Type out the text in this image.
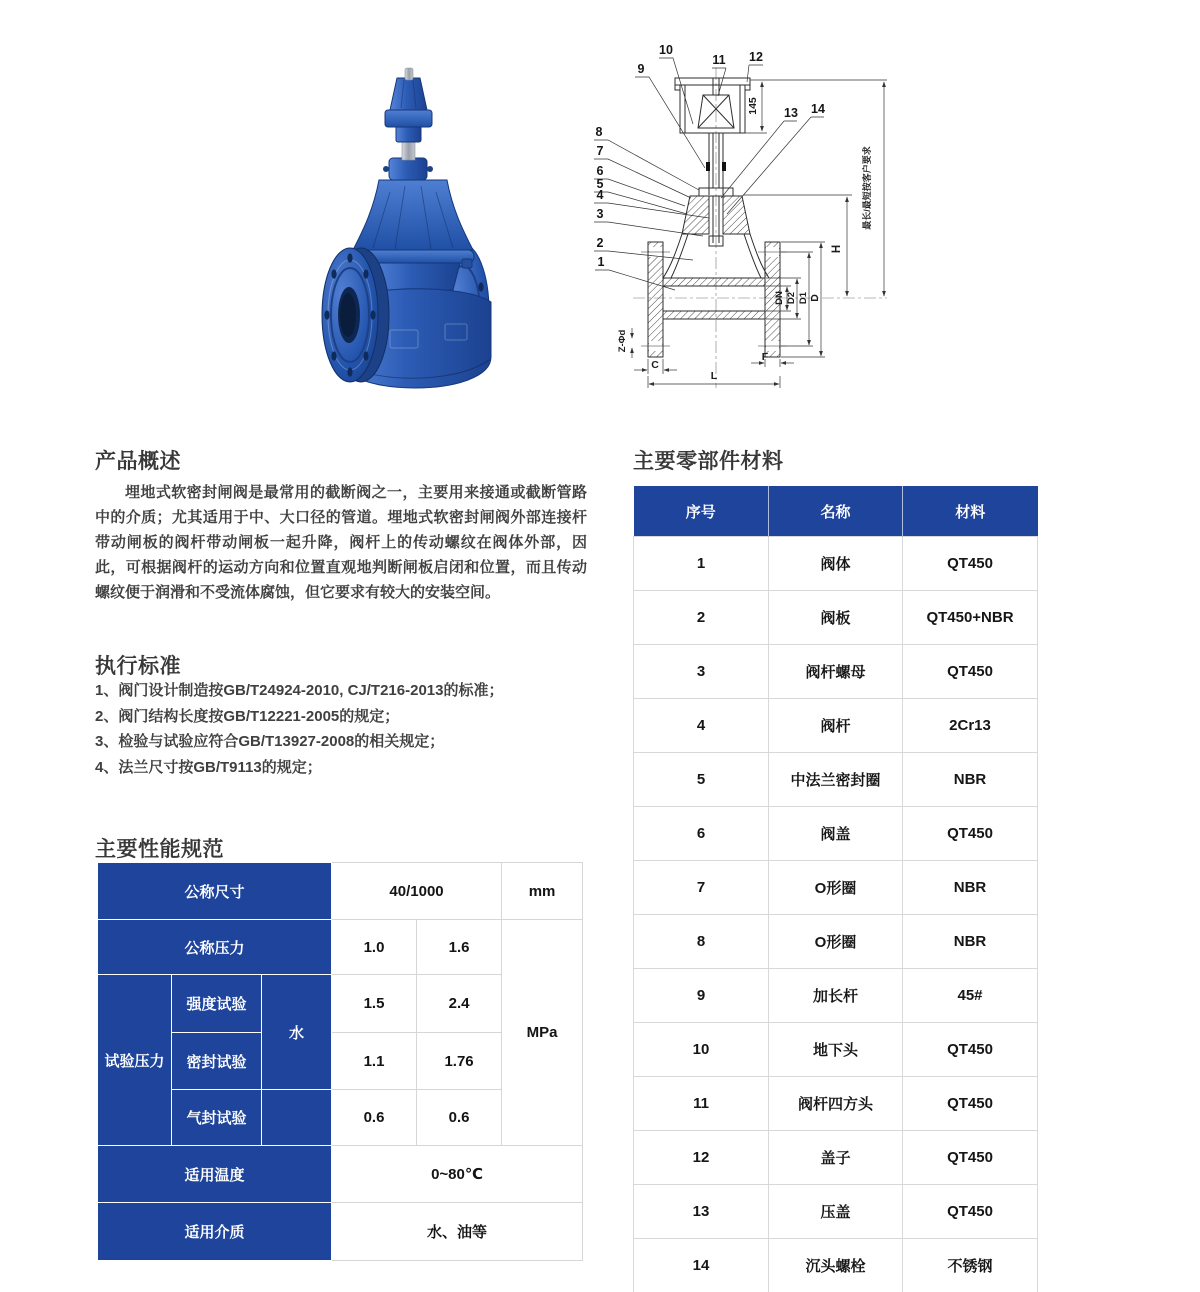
145
H
DN D2 D1 D
Z-Φd
C
F
L
最长/最短按客户要求
1
2
3
4
5
6
7
8
9
10
11 12
13 14
产品概述

埋地式软密封闸阀是最常用的截断阀之一，主要用来接通或截断管路中的介质；尤其适用于中、大口径的管道。埋地式软密封闸阀外部连接杆带动闸板的阀杆带动闸板一起升降，阀杆上的传动螺纹在阀体外部，因此，可根据阀杆的运动方向和位置直观地判断闸板启闭和位置，而且传动螺纹便于润滑和不受流体腐蚀，但它要求有较大的安装空间。

执行标准
1、阀门设计制造按GB/T24924-2010, CJ/T216-2013的标准；
2、阀门结构长度按GB/T12221-2005的规定；
3、检验与试验应符合GB/T13927-2008的相关规定；
4、法兰尺寸按GB/T9113的规定；
主要性能规范
公称尺寸			40/1000		mm
公称压力			1.0	1.6	MPa
试验压力	强度试验	水	1.5	2.4	
	密封试验		1.1	1.76	
	气封试验		0.6	0.6	
适用温度			0~80℃		
适用介质			水、油等		
主要零部件材料
序号	名称	材料
1	阀体	QT450
2	阀板	QT450+NBR
3	阀杆螺母	QT450
4	阀杆	2Cr13
5	中法兰密封圈	NBR
6	阀盖	QT450
7	O形圈	NBR
8	O形圈	NBR
9	加长杆	45#
10	地下头	QT450
11	阀杆四方头	QT450
12	盖子	QT450
13	压盖	QT450
14	沉头螺栓	不锈钢
